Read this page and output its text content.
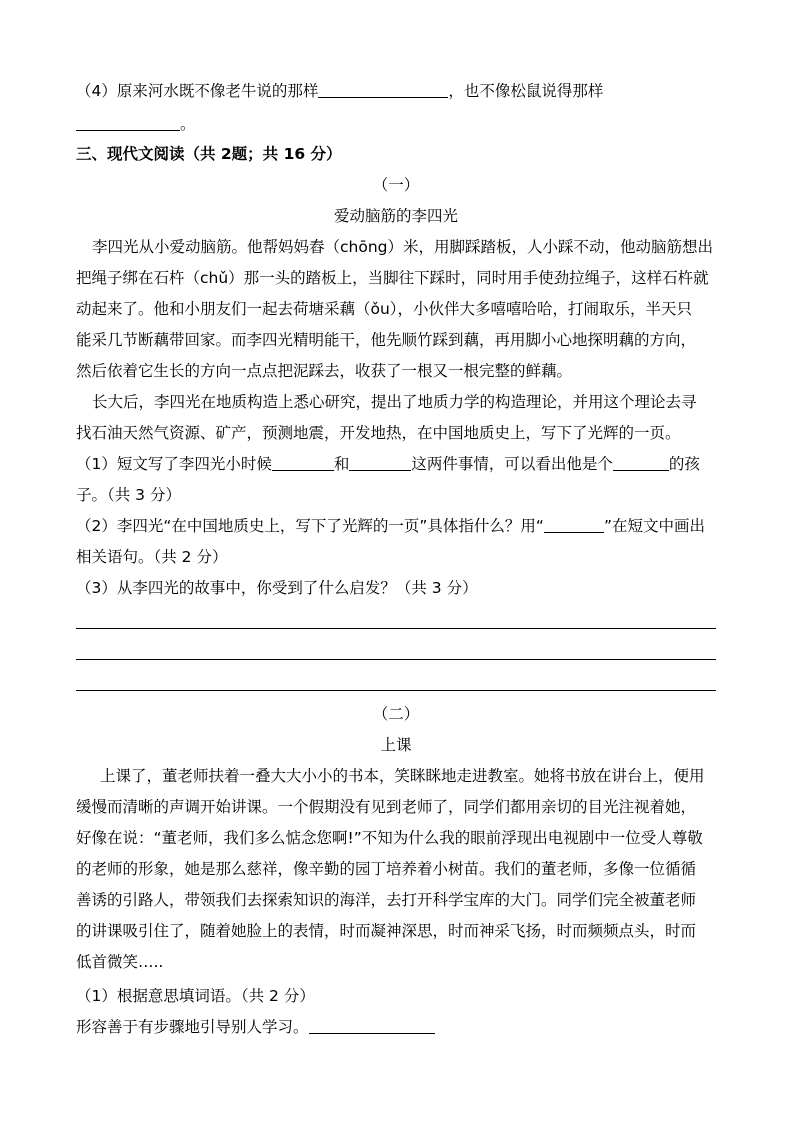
（4）原来河水既不像老牛说的那样	，也不像松鼠说得那样
。
三、现代文阅读（共 2题；共 16 分）
（一）
爱动脑筋的李四光
李四光从小爱动脑筋。他帮妈妈舂（chōng）米，用脚踩踏板，人小踩不动，他动脑筋想出
把绳子绑在石杵（chǔ）那一头的踏板上，当脚往下踩时，同时用手使劲拉绳子，这样石杵就
动起来了。他和小朋友们一起去荷塘采藕（ǒu），小伙伴大多嘻嘻哈哈，打闹取乐，半天只
能采几节断藕带回家。而李四光精明能干，他先顺竹踩到藕，再用脚小心地探明藕的方向，
然后依着它生长的方向一点点把泥踩去，收获了一根又一根完整的鲜藕。
长大后，李四光在地质构造上悉心研究，提出了地质力学的构造理论，并用这个理论去寻
找石油天然气资源、矿产，预测地震，开发地热，在中国地质史上，写下了光辉的一页。
（1）短文写了李四光小时候	和	这两件事情，可以看出他是个	的孩
子。（共 3 分）
（2）李四光“在中国地质史上，写下了光辉的一页”具体指什么？用“	”在短文中画出
相关语句。（共 2 分）
（3）从李四光的故事中，你受到了什么启发？（共 3 分）
（二）
上课
上课了，董老师扶着一叠大大小小的书本，笑眯眯地走进教室。她将书放在讲台上，便用
缓慢而清晰的声调开始讲课。一个假期没有见到老师了，同学们都用亲切的目光注视着她，
好像在说：“董老师，我们多么惦念您啊!”不知为什么我的眼前浮现出电视剧中一位受人尊敬
的老师的形象，她是那么慈祥，像辛勤的园丁培养着小树苗。我们的董老师，多像一位循循
善诱的引路人，带领我们去探索知识的海洋，去打开科学宝库的大门。同学们完全被董老师
的讲课吸引住了，随着她脸上的表情，时而凝神深思，时而神采飞扬，时而频频点头，时而
低首微笑…..
（1）根据意思填词语。（共 2 分）
形容善于有步骤地引导别人学习。
